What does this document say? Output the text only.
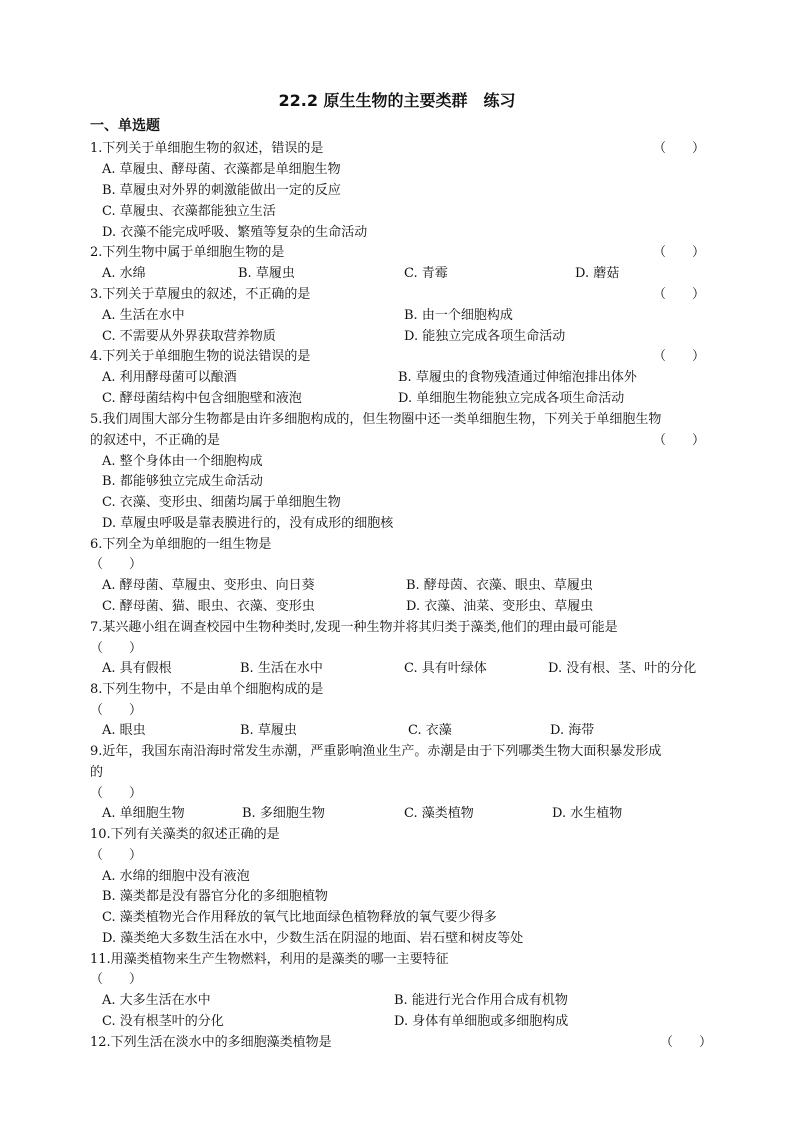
22.2 原生生物的主要类群　练习
一、单选题
1.下列关于单细胞生物的叙述，错误的是	（　　）
A. 草履虫、酵母菌、衣藻都是单细胞生物
B. 草履虫对外界的刺激能做出一定的反应
C. 草履虫、衣藻都能独立生活
D. 衣藻不能完成呼吸、繁殖等复杂的生命活动
2.下列生物中属于单细胞生物的是	（　　）
A. 水绵	B. 草履虫	C. 青霉	D. 蘑菇
3.下列关于草履虫的叙述，不正确的是	（　　）
A. 生活在水中	B. 由一个细胞构成
C. 不需要从外界获取营养物质	D. 能独立完成各项生命活动
4.下列关于单细胞生物的说法错误的是	（　　）
A. 利用酵母菌可以酿酒	B. 草履虫的食物残渣通过伸缩泡排出体外
C. 酵母菌结构中包含细胞壁和液泡	D. 单细胞生物能独立完成各项生命活动
5.我们周围大部分生物都是由许多细胞构成的，但生物圈中还一类单细胞生物，下列关于单细胞生物
的叙述中，不正确的是	（　　）
A. 整个身体由一个细胞构成
B. 都能够独立完成生命活动
C. 衣藻、变形虫、细菌均属于单细胞生物
D. 草履虫呼吸是靠表膜进行的，没有成形的细胞核
6.下列全为单细胞的一组生物是
（　　）
A. 酵母菌、草履虫、变形虫、向日葵	B. 酵母茵、衣藻、眼虫、草履虫
C. 酵母菌、猫、眼虫、衣藻、变形虫	D. 衣藻、油菜、变形虫、草履虫
7.某兴趣小组在调查校园中生物种类时,发现一种生物并将其归类于藻类,他们的理由最可能是
（　　）
A. 具有假根	B. 生活在水中	C. 具有叶绿体	D. 没有根、茎、叶的分化
8.下列生物中，不是由单个细胞构成的是
（　　）
A. 眼虫	B. 草履虫	C. 衣藻	D. 海带
9.近年，我国东南沿海时常发生赤潮，严重影响渔业生产。赤潮是由于下列哪类生物大面积暴发形成
的
（　　）
A. 单细胞生物	B. 多细胞生物	C. 藻类植物	D. 水生植物
10.下列有关藻类的叙述正确的是
（　　）
A. 水绵的细胞中没有液泡
B. 藻类都是没有器官分化的多细胞植物
C. 藻类植物光合作用释放的氧气比地面绿色植物释放的氧气要少得多
D. 藻类绝大多数生活在水中，少数生活在阴湿的地面、岩石壁和树皮等处
11.用藻类植物来生产生物燃料，利用的是藻类的哪一主要特征
（　　）
A. 大多生活在水中	B. 能进行光合作用合成有机物
C. 没有根茎叶的分化	D. 身体有单细胞或多细胞构成
12.下列生活在淡水中的多细胞藻类植物是	（　　）
